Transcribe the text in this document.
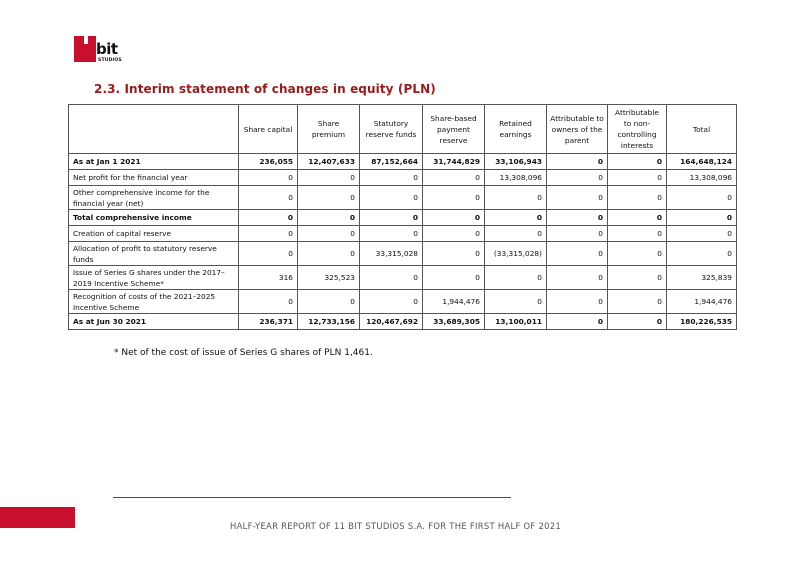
bit
STUDIOS
2.3. Interim statement of changes in equity (PLN)
	Share capital	Share premium	Statutory reserve funds	Share-based payment reserve	Retained earnings	Attributable to owners of the parent	Attributable to non-controlling interests	Total
As at Jan 1 2021	236,055	12,407,633	87,152,664	31,744,829	33,106,943	0	0	164,648,124
Net profit for the financial year	0	0	0	0	13,308,096	0	0	13,308,096
Other comprehensive income for the financial year (net)	0	0	0	0	0	0	0	0
Total comprehensive income	0	0	0	0	0	0	0	0
Creation of capital reserve	0	0	0	0	0	0	0	0
Allocation of profit to statutory reserve funds	0	0	33,315,028	0	(33,315,028)	0	0	0
Issue of Series G shares under the 2017–2019 Incentive Scheme*	316	325,523	0	0	0	0	0	325,839
Recognition of costs of the 2021–2025 Incentive Scheme	0	0	0	1,944,476	0	0	0	1,944,476
As at Jun 30 2021	236,371	12,733,156	120,467,692	33,689,305	13,100,011	0	0	180,226,535
* Net of the cost of issue of Series G shares of PLN 1,461.
HALF-YEAR REPORT OF 11 BIT STUDIOS S.A. FOR THE FIRST HALF OF 2021
